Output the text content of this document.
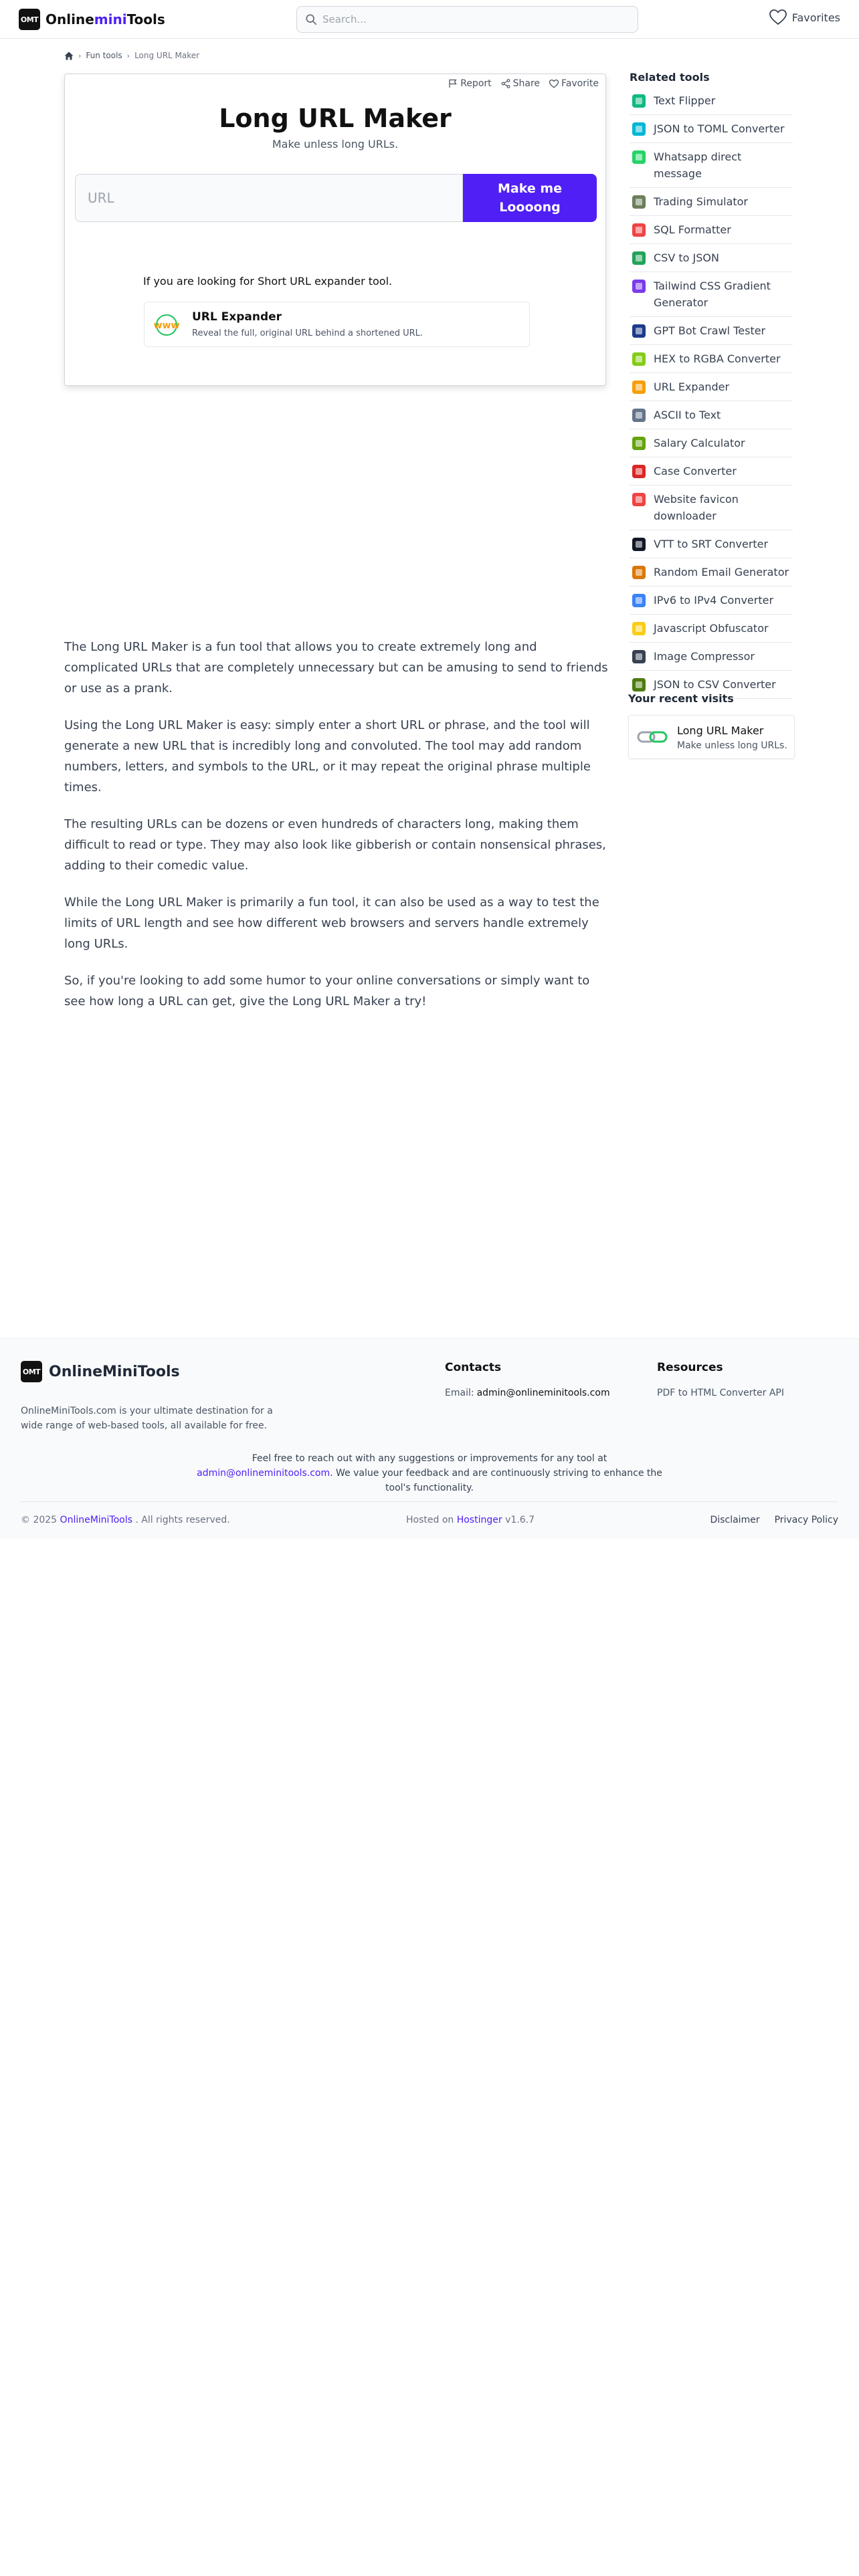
OMT OnlineminiTools
Search...	Favorites
› Fun tools › Long URL Maker
Report Share Favorite
Long URL Maker
Make unless long URLs.
URL
Make me
Loooong
If you are looking for Short URL expander tool.
www
URL Expander
Reveal the full, original URL behind a shortened URL.

The Long URL Maker is a fun tool that allows you to create extremely long and complicated URLs that are completely unnecessary but can be amusing to send to friends or use as a prank.

Using the Long URL Maker is easy: simply enter a short URL or phrase, and the tool will generate a new URL that is incredibly long and convoluted. The tool may add random numbers, letters, and symbols to the URL, or it may repeat the original phrase multiple times.

The resulting URLs can be dozens or even hundreds of characters long, making them difficult to read or type. They may also look like gibberish or contain nonsensical phrases, adding to their comedic value.

While the Long URL Maker is primarily a fun tool, it can also be used as a way to test the limits of URL length and see how different web browsers and servers handle extremely long URLs.

So, if you're looking to add some humor to your online conversations or simply want to see how long a URL can get, give the Long URL Maker a try!

Related tools
Text Flipper
JSON to TOML Converter
Whatsapp direct message
Trading Simulator
SQL Formatter
CSV to JSON
Tailwind CSS Gradient Generator
GPT Bot Crawl Tester
HEX to RGBA Converter
URL Expander
ASCII to Text
Salary Calculator
Case Converter
Website favicon downloader
VTT to SRT Converter
Random Email Generator
IPv6 to IPv4 Converter
Javascript Obfuscator
Image Compressor
JSON to CSV Converter
Your recent visits
Long URL Maker
Make unless long URLs.
OMT OnlineMiniTools
OnlineMiniTools.com is your ultimate destination for a wide range of web-based tools, all available for free.
Contacts
Email: admin@onlineminitools.com
Resources
PDF to HTML Converter API
Feel free to reach out with any suggestions or improvements for any tool at
admin@onlineminitools.com. We value your feedback and are continuously striving to enhance the tool's functionality.
© 2025 OnlineMiniTools . All rights reserved.	Hosted on Hostinger v1.6.7	Disclaimer Privacy Policy
